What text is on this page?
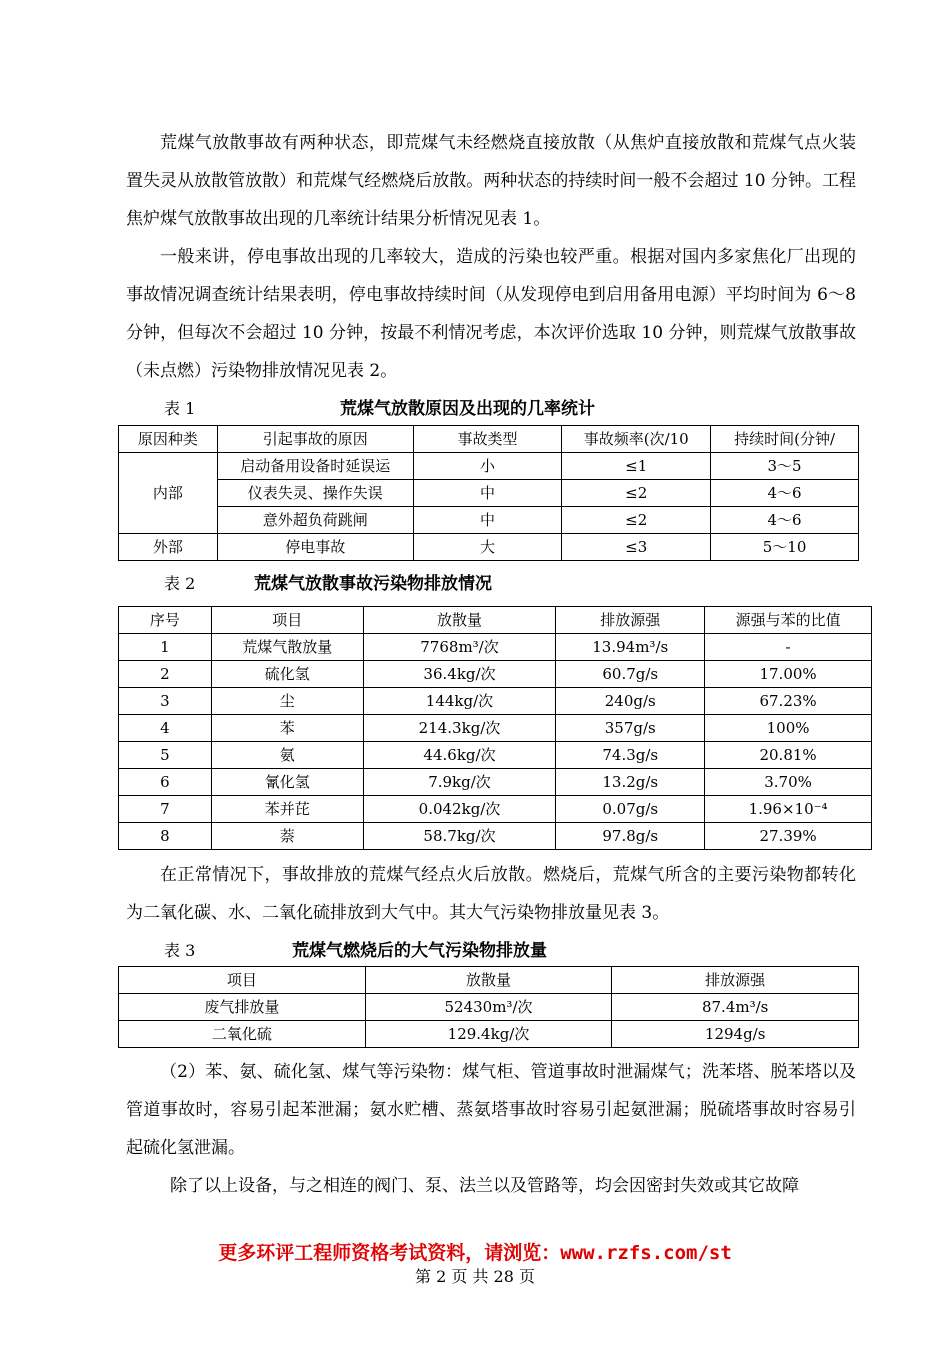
荒煤气放散事故有两种状态，即荒煤气未经燃烧直接放散（从焦炉直接放散和荒煤气点火装置失灵从放散管放散）和荒煤气经燃烧后放散。两种状态的持续时间一般不会超过 10 分钟。工程焦炉煤气放散事故出现的几率统计结果分析情况见表 1。

一般来讲，停电事故出现的几率较大，造成的污染也较严重。根据对国内多家焦化厂出现的事故情况调查统计结果表明，停电事故持续时间（从发现停电到启用备用电源）平均时间为 6～8 分钟，但每次不会超过 10 分钟，按最不利情况考虑，本次评价选取 10 分钟，则荒煤气放散事故（未点燃）污染物排放情况见表 2。

表 1	荒煤气放散原因及出现的几率统计
原因种类	引起事故的原因	事故类型	事故频率(次/10	持续时间(分钟/
内部	启动备用设备时延误运	小	≤1	3～5
	仪表失灵、操作失误	中	≤2	4～6
	意外超负荷跳闸	中	≤2	4～6
外部	停电事故	大	≤3	5～10
表 2	荒煤气放散事故污染物排放情况
序号	项目	放散量	排放源强	源强与苯的比值
1	荒煤气散放量	7768m³/次	13.94m³/s	-
2	硫化氢	36.4kg/次	60.7g/s	17.00%
3	尘	144kg/次	240g/s	67.23%
4	苯	214.3kg/次	357g/s	100%
5	氨	44.6kg/次	74.3g/s	20.81%
6	氰化氢	7.9kg/次	13.2g/s	3.70%
7	苯并芘	0.042kg/次	0.07g/s	1.96×10⁻⁴
8	萘	58.7kg/次	97.8g/s	27.39%

在正常情况下，事故排放的荒煤气经点火后放散。燃烧后，荒煤气所含的主要污染物都转化为二氧化碳、水、二氧化硫排放到大气中。其大气污染物排放量见表 3。

表 3	荒煤气燃烧后的大气污染物排放量
项目	放散量	排放源强
废气排放量	52430m³/次	87.4m³/s
二氧化硫	129.4kg/次	1294g/s

（2）苯、氨、硫化氢、煤气等污染物：煤气柜、管道事故时泄漏煤气；洗苯塔、脱苯塔以及管道事故时，容易引起苯泄漏；氨水贮槽、蒸氨塔事故时容易引起氨泄漏；脱硫塔事故时容易引起硫化氢泄漏。

除了以上设备，与之相连的阀门、泵、法兰以及管路等，均会因密封失效或其它故障

更多环评工程师资格考试资料，请浏览：www.rzfs.com/st
第 2 页 共 28 页
